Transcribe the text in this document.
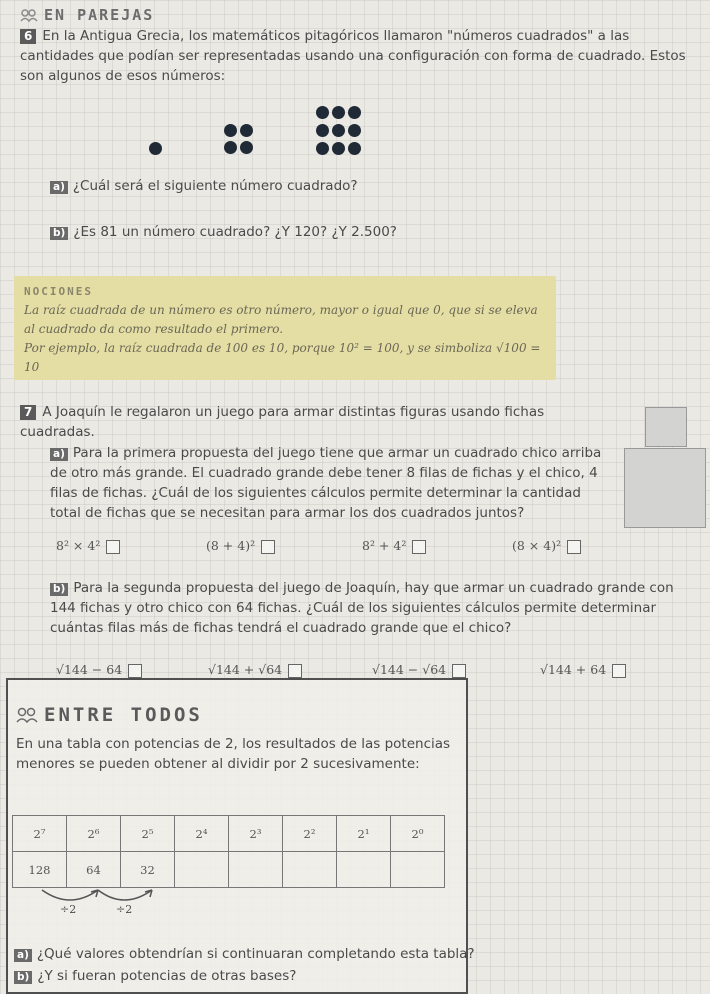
EN PAREJAS
6 En la Antigua Grecia, los matemáticos pitagóricos llamaron "números cuadrados" a las cantidades que podían ser representadas usando una configuración con forma de cuadrado. Estos son algunos de esos números:
a) ¿Cuál será el siguiente número cuadrado?
b) ¿Es 81 un número cuadrado? ¿Y 120? ¿Y 2.500?
NOCIONES
La raíz cuadrada de un número es otro número, mayor o igual que 0, que si se eleva al cuadrado da como resultado el primero.
Por ejemplo, la raíz cuadrada de 100 es 10, porque 10² = 100, y se simboliza √100 = 10
7 A Joaquín le regalaron un juego para armar distintas figuras usando fichas cuadradas.
a) Para la primera propuesta del juego tiene que armar un cuadrado chico arriba de otro más grande. El cuadrado grande debe tener 8 filas de fichas y el chico, 4 filas de fichas. ¿Cuál de los siguientes cálculos permite determinar la cantidad total de fichas que se necesitan para armar los dos cuadrados juntos?
8² × 4²	(8 + 4)²	8² + 4²	(8 × 4)²
b) Para la segunda propuesta del juego de Joaquín, hay que armar un cuadrado grande con 144 fichas y otro chico con 64 fichas. ¿Cuál de los siguientes cálculos permite determinar cuántas filas más de fichas tendrá el cuadrado grande que el chico?
√144 − 64	√144 + √64	√144 − √64	√144 + 64
ENTRE TODOS
En una tabla con potencias de 2, los resultados de las potencias menores se pueden obtener al dividir por 2 sucesivamente:
2⁷	2⁶	2⁵	2⁴	2³	2²	2¹	2⁰
128	64	32					
÷2	÷2
a) ¿Qué valores obtendrían si continuaran completando esta tabla?
b) ¿Y si fueran potencias de otras bases?
